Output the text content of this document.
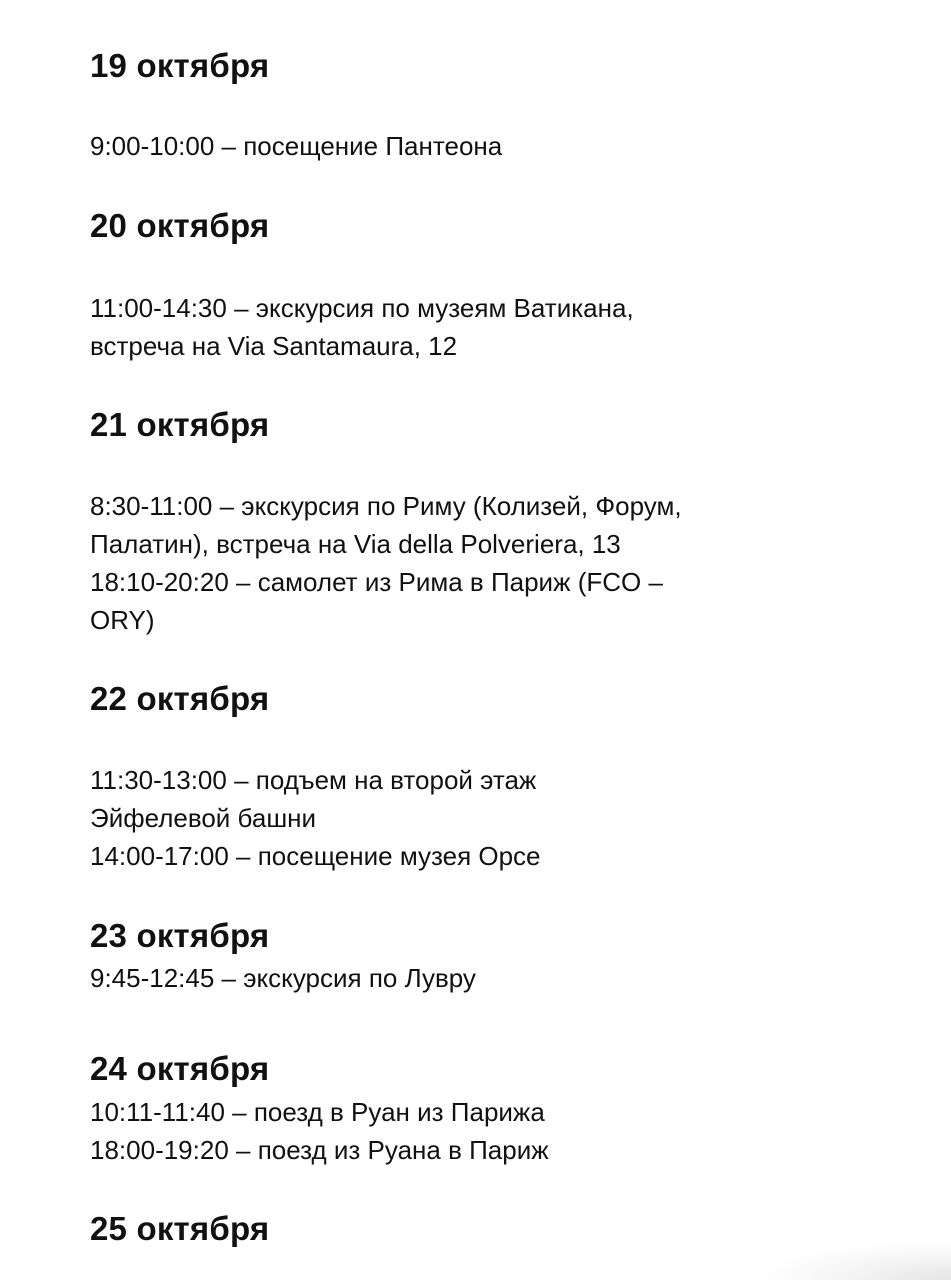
19 октября

9:00-10:00 – посещение Пантеона

20 октября

11:00-14:30 – экскурсия по музеям Ватикана,

встреча на Via Santamaura, 12

21 октября

8:30-11:00 – экскурсия по Риму (Колизей, Форум,

Палатин), встреча на Via della Polveriera, 13

18:10-20:20 – самолет из Рима в Париж (FCO –

ORY)

22 октября

11:30-13:00 – подъем на второй этаж

Эйфелевой башни

14:00-17:00 – посещение музея Орсе

23 октября

9:45-12:45 – экскурсия по Лувру

24 октября

10:11-11:40 – поезд в Руан из Парижа

18:00-19:20 – поезд из Руана в Париж

25 октября
